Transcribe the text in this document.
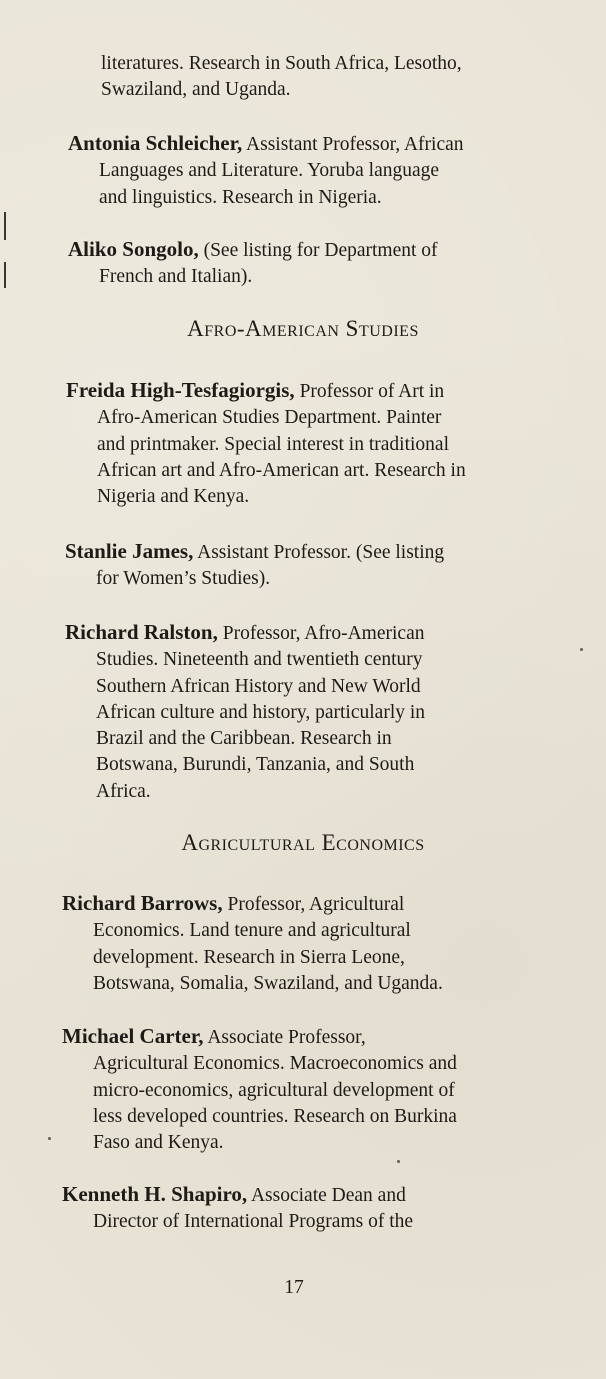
literatures. Research in South Africa, Lesotho,
Swaziland, and Uganda.

Antonia Schleicher, Assistant Professor, African
Languages and Literature. Yoruba language
and linguistics. Research in Nigeria.

Aliko Songolo, (See listing for Department of
French and Italian).

Afro-American Studies

Freida High-Tesfagiorgis, Professor of Art in
Afro-American Studies Department. Painter
and printmaker. Special interest in traditional
African art and Afro-American art. Research in
Nigeria and Kenya.

Stanlie James, Assistant Professor. (See listing
for Women’s Studies).

Richard Ralston, Professor, Afro-American
Studies. Nineteenth and twentieth century
Southern African History and New World
African culture and history, particularly in
Brazil and the Caribbean. Research in
Botswana, Burundi, Tanzania, and South
Africa.

Agricultural Economics

Richard Barrows, Professor, Agricultural
Economics. Land tenure and agricultural
development. Research in Sierra Leone,
Botswana, Somalia, Swaziland, and Uganda.

Michael Carter, Associate Professor,
Agricultural Economics. Macroeconomics and
micro-economics, agricultural development of
less developed countries. Research on Burkina
Faso and Kenya.

Kenneth H. Shapiro, Associate Dean and
Director of International Programs of the

17
